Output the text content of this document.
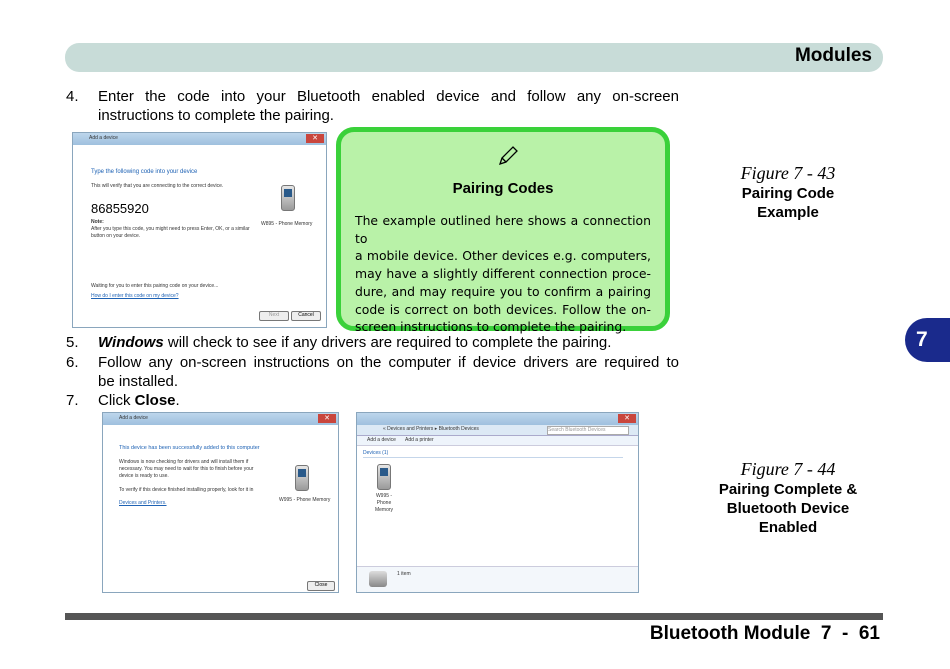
Modules
7
4.	Enter the code into your Bluetooth enabled device and follow any on-screen
instructions to complete the pairing.
Add a device	✕
Type the following code into your device
This will verify that you are connecting to the correct device.
86855920
Note:
After you type this code, you might need to press Enter, OK, or a similar button on your device.
W895 - Phone Memory
Waiting for you to enter this pairing code on your device...
How do I enter this code on my device?
Next	Cancel
Pairing Codes
The example outlined here shows a connection to
a mobile device. Other devices e.g. computers,
may have a slightly different connection proce-
dure, and may require you to confirm a pairing
code is correct on both devices. Follow the on-
screen instructions to complete the pairing.
Figure 7 - 43
Pairing Code
Example
5. Windows will check to see if any drivers are required to complete the pairing.
6.	Follow any on-screen instructions on the computer if device drivers are required to
be installed.
7. Click Close.
Add a device	✕
This device has been successfully added to this computer
Windows is now checking for drivers and will install them if necessary. You may need to wait for this to finish before your device is ready to use.
To verify if this device finished installing properly, look for it in
Devices and Printers.	W995 - Phone Memory
Close
✕
« Devices and Printers ▸ Bluetooth Devices	Search Bluetooth Devices
Add a device Add a printer
Devices (1)
W995 - Phone Memory
1 item
Figure 7 - 44
Pairing Complete &
Bluetooth Device
Enabled
Bluetooth Module  7  -  61
